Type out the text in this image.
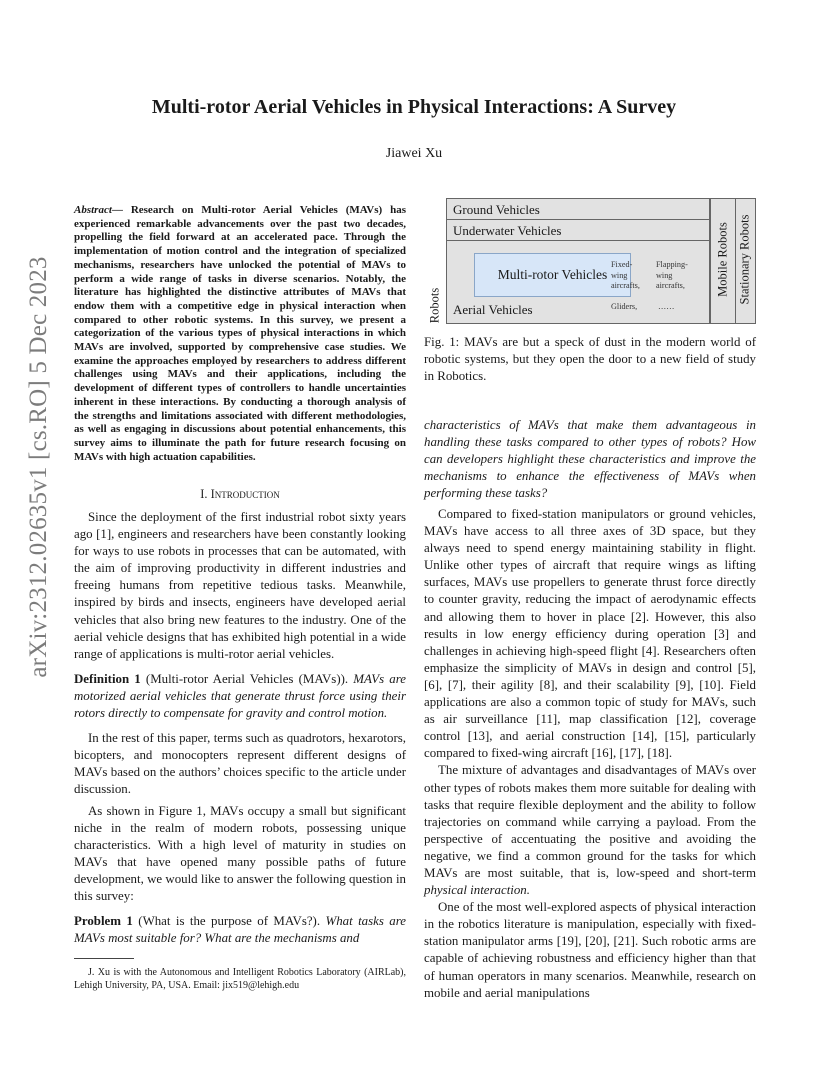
arXiv:2312.02635v1 [cs.RO] 5 Dec 2023
Multi-rotor Aerial Vehicles in Physical Interactions: A Survey
Jiawei Xu

Abstract— Research on Multi-rotor Aerial Vehicles (MAVs) has experienced remarkable advancements over the past two decades, propelling the field forward at an accelerated pace. Through the implementation of motion control and the integration of specialized mechanisms, researchers have unlocked the potential of MAVs to perform a wide range of tasks in diverse scenarios. Notably, the literature has highlighted the distinctive attributes of MAVs that endow them with a competitive edge in physical interaction when compared to other robotic systems. In this survey, we present a categorization of the various types of physical interactions in which MAVs are involved, supported by comprehensive case studies. We examine the approaches employed by researchers to address different challenges using MAVs and their applications, including the development of different types of controllers to handle uncertainties inherent in these interactions. By conducting a thorough analysis of the strengths and limitations associated with different methodologies, as well as engaging in discussions about potential enhancements, this survey aims to illuminate the path for future research focusing on MAVs with high actuation capabilities.

I. Introduction

Since the deployment of the first industrial robot sixty years ago [1], engineers and researchers have been constantly looking for ways to use robots in processes that can be automated, with the aim of improving productivity in different industries and freeing humans from repetitive tedious tasks. Meanwhile, inspired by birds and insects, engineers have developed aerial vehicles that also bring new features to the industry. One of the aerial vehicle designs that has exhibited high potential in a wide range of applications is multi-rotor aerial vehicles.

Definition 1 (Multi-rotor Aerial Vehicles (MAVs)). MAVs are motorized aerial vehicles that generate thrust force using their rotors directly to compensate for gravity and control motion.

In the rest of this paper, terms such as quadrotors, hexarotors, bicopters, and monocopters represent different designs of MAVs based on the authors’ choices specific to the article under discussion.

As shown in Figure 1, MAVs occupy a small but significant niche in the realm of modern robots, possessing unique characteristics. With a high level of maturity in studies on MAVs that have opened many possible paths of future development, we would like to answer the following question in this survey:

Problem 1 (What is the purpose of MAVs?). What tasks are MAVs most suitable for? What are the mechanisms and

J. Xu is with the Autonomous and Intelligent Robotics Laboratory (AIRLab), Lehigh University, PA, USA. Email: jix519@lehigh.edu

Ground Vehicles
Underwater Vehicles
Multi-rotor Vehicles
Aerial Vehicles
Fixed-wing aircrafts,
Flapping-wing aircrafts,
Gliders,	……
Robots
Mobile Robots Stationary Robots
Fig. 1: MAVs are but a speck of dust in the modern world of robotic systems, but they open the door to a new field of study in Robotics.

characteristics of MAVs that make them advantageous in handling these tasks compared to other types of robots? How can developers highlight these characteristics and improve the mechanisms to enhance the effectiveness of MAVs when performing these tasks?

Compared to fixed-station manipulators or ground vehicles, MAVs have access to all three axes of 3D space, but they always need to spend energy maintaining stability in flight. Unlike other types of aircraft that require wings as lifting surfaces, MAVs use propellers to generate thrust force directly to counter gravity, reducing the impact of aerodynamic effects and allowing them to hover in place [2]. However, this also results in low energy efficiency during operation [3] and challenges in achieving high-speed flight [4]. Researchers often emphasize the simplicity of MAVs in design and control [5], [6], [7], their agility [8], and their scalability [9], [10]. Field applications are also a common topic of study for MAVs, such as air surveillance [11], map classification [12], coverage control [13], and aerial construction [14], [15], particularly compared to fixed-wing aircraft [16], [17], [18].

The mixture of advantages and disadvantages of MAVs over other types of robots makes them more suitable for dealing with tasks that require flexible deployment and the ability to follow trajectories on command while carrying a payload. From the perspective of accentuating the positive and avoiding the negative, we find a common ground for the tasks for which MAVs are most suitable, that is, low-speed and short-term physical interaction.

One of the most well-explored aspects of physical interaction in the robotics literature is manipulation, especially with fixed-station manipulator arms [19], [20], [21]. Such robotic arms are capable of achieving robustness and efficiency higher than that of human operators in many scenarios. Meanwhile, research on mobile and aerial manipulations
